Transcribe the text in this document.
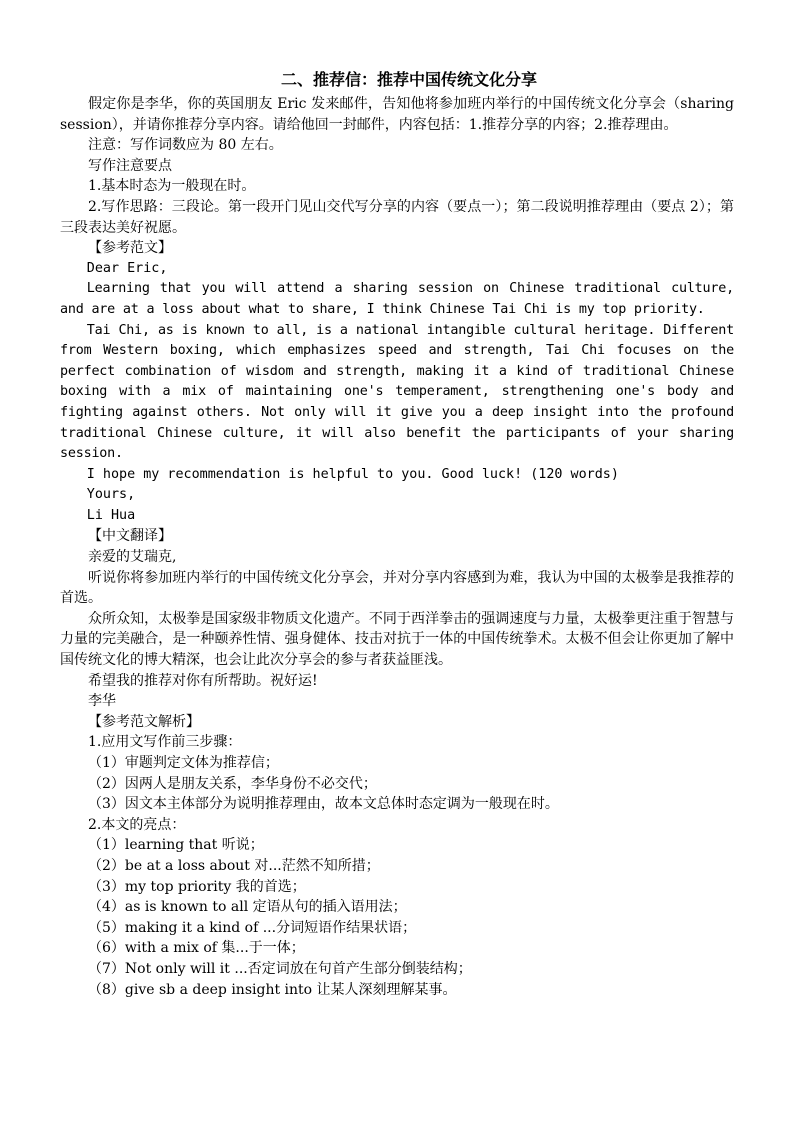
二、推荐信：推荐中国传统文化分享

假定你是李华，你的英国朋友 Eric 发来邮件，告知他将参加班内举行的中国传统文化分享会（sharing session），并请你推荐分享内容。请给他回一封邮件，内容包括：1.推荐分享的内容；2.推荐理由。

注意：写作词数应为 80 左右。

写作注意要点

1.基本时态为一般现在时。

2.写作思路：三段论。第一段开门见山交代写分享的内容（要点一）；第二段说明推荐理由（要点 2）；第三段表达美好祝愿。

【参考范文】

Dear Eric,

Learning that you will attend a sharing session on Chinese traditional culture, and are at a loss about what to share, I think Chinese Tai Chi is my top priority.

Tai Chi, as is known to all, is a national intangible cultural heritage. Different from Western boxing, which emphasizes speed and strength, Tai Chi focuses on the perfect combination of wisdom and strength, making it a kind of traditional Chinese boxing with a mix of maintaining one's temperament, strengthening one's body and fighting against others. Not only will it give you a deep insight into the profound traditional Chinese culture, it will also benefit the participants of your sharing session.

I hope my recommendation is helpful to you. Good luck! (120 words)

Yours,

Li Hua

【中文翻译】

亲爱的艾瑞克,

听说你将参加班内举行的中国传统文化分享会，并对分享内容感到为难，我认为中国的太极拳是我推荐的首选。

众所众知，太极拳是国家级非物质文化遗产。不同于西洋拳击的强调速度与力量，太极拳更注重于智慧与力量的完美融合，是一种颐养性情、强身健体、技击对抗于一体的中国传统拳术。太极不但会让你更加了解中国传统文化的博大精深，也会让此次分享会的参与者获益匪浅。

希望我的推荐对你有所帮助。祝好运!

李华

【参考范文解析】

1.应用文写作前三步骤：

（1）审题判定文体为推荐信；

（2）因两人是朋友关系，李华身份不必交代；

（3）因文本主体部分为说明推荐理由，故本文总体时态定调为一般现在时。

2.本文的亮点：

（1）learning that 听说；

（2）be at a loss about 对...茫然不知所措；

（3）my top priority 我的首选；

（4）as is known to all 定语从句的插入语用法；

（5）making it a kind of ...分词短语作结果状语；

（6）with a mix of 集...于一体；

（7）Not only will it ...否定词放在句首产生部分倒装结构；

（8）give sb a deep insight into 让某人深刻理解某事。
